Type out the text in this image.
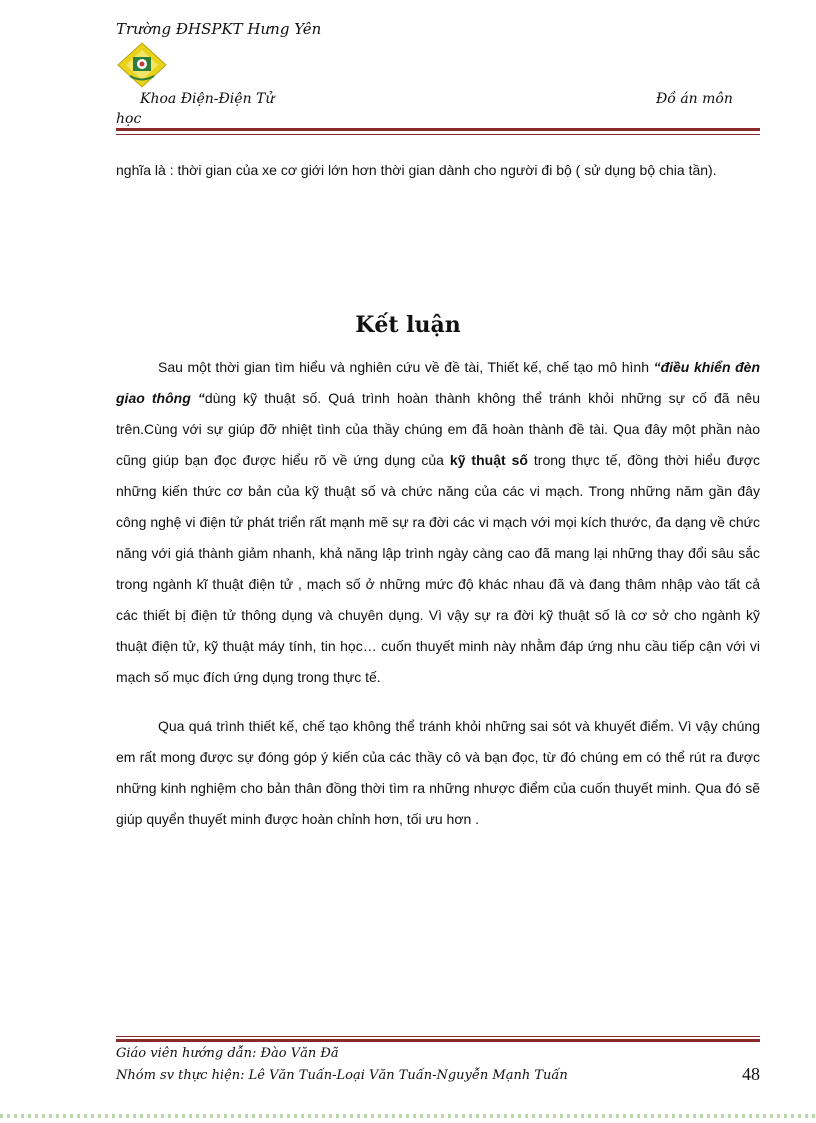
Trường ĐHSPKT Hưng Yên
Khoa Điện-Điện Tử	Đồ án môn
học

nghĩa là : thời gian của xe cơ giới lớn hơn thời gian dành cho người đi bộ ( sử dụng bộ chia tần).

Kết luận

Sau một thời gian tìm hiểu và nghiên cứu về đề tài, Thiết kế, chế tạo mô hình “điều khiển đèn giao thông “dùng kỹ thuật số. Quá trình hoàn thành không thể tránh khỏi những sự cố đã nêu trên.Cùng với sự giúp đỡ nhiệt tình của thầy chúng em đã hoàn thành đề tài. Qua đây một phần nào cũng giúp bạn đọc được hiểu rõ về ứng dụng của kỹ thuật số trong thực tế, đồng thời hiểu được những kiến thức cơ bản của kỹ thuật số và chức năng của các vi mạch. Trong những năm gần đây công nghệ vi điện tử phát triển rất mạnh mẽ sự ra đời các vi mạch với mọi kích thước, đa dạng về chức năng với giá thành giảm nhanh, khả năng lập trình ngày càng cao đã mang lại những thay đổi sâu sắc trong ngành kĩ thuật điện tử , mạch số ở những mức độ khác nhau đã và đang thâm nhập vào tất cả các thiết bị điện tử thông dụng và chuyên dụng. Vì vậy sự ra đời kỹ thuật số là cơ sở cho ngành kỹ thuật điện tử, kỹ thuật máy tính, tin học… cuốn thuyết minh này nhằm đáp ứng nhu cầu tiếp cận với vi mạch số mục đích ứng dụng trong thực tế.

Qua quá trình thiết kế, chế tạo không thể tránh khỏi những sai sót và khuyết điểm. Vì vậy chúng em rất mong được sự đóng góp ý kiến của các thầy cô và bạn đọc, từ đó chúng em có thể rút ra được những kinh nghiệm cho bản thân đồng thời tìm ra những nhược điểm của cuốn thuyết minh. Qua đó sẽ giúp quyển thuyết minh được hoàn chỉnh hơn, tối ưu hơn .

Giáo viên hướng dẫn: Đào Văn Đã
Nhóm sv thực hiện: Lê Văn Tuấn-Loại Văn Tuấn-Nguyễn Mạnh Tuấn	48
